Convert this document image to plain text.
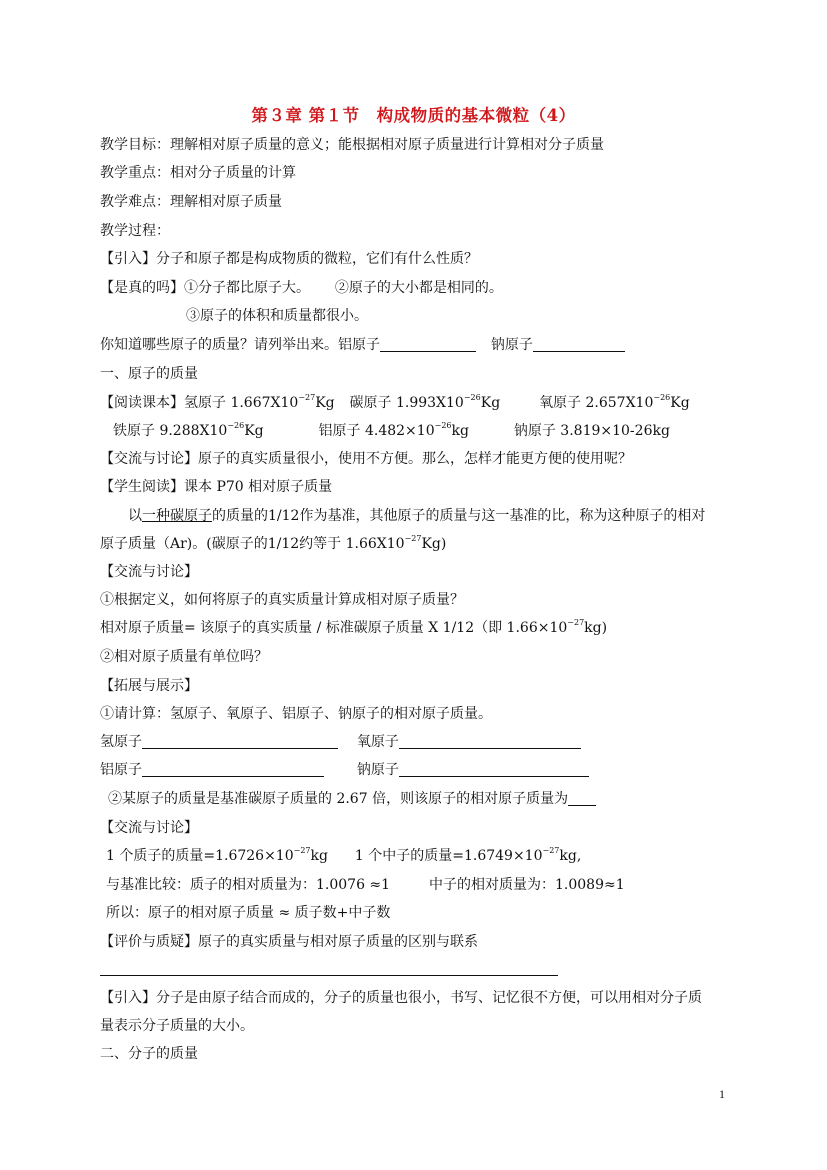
第３章 第１节　构成物质的基本微粒（4）
教学目标：理解相对原子质量的意义；能根据相对原子质量进行计算相对分子质量
教学重点：相对分子质量的计算
教学难点：理解相对原子质量
教学过程：
【引入】分子和原子都是构成物质的微粒，它们有什么性质？
【是真的吗】①分子都比原子大。 ②原子的大小都是相同的。
③原子的体积和质量都很小。
你知道哪些原子的质量？请列举出来。铝原子	钠原子
一、原子的质量
【阅读课本】氢原子 $1.667X10^{-27}Kg$ 碳原子 $1.993X10^{-26}Kg$	氧原子 $2.657X10^{-26}Kg$
铁原子 $9.288X10^{-26}Kg$	铝原子 $4.482\times 10^{-26}kg$	钠原子 3.819×10-26kg
【交流与讨论】原子的真实质量很小，使用不方便。那么，怎样才能更方便的使用呢？
【学生阅读】课本 P70 相对原子质量
以一种碳原子的质量的1/12作为基准，其他原子的质量与这一基准的比，称为这种原子的相对
原子质量（Ar)。(碳原子的1/12约等于 $1.66X10^{-27}Kg$)
【交流与讨论】
①根据定义，如何将原子的真实质量计算成相对原子质量？
相对原子质量= 该原子的真实质量 / 标准碳原子质量 X 1/12（即 $1.66\times 10^{-27}kg$)
②相对原子质量有单位吗？
【拓展与展示】
①请计算：氢原子、氧原子、铝原子、钠原子的相对原子质量。
氢原子	氧原子
铝原子	钠原子
②某原子的质量是基准碳原子质量的 2.67 倍，则该原子的相对原子质量为
【交流与讨论】
1 个质子的质量$=1.6726\times 10^{-27}kg$ 1 个中子的质量$=1.6749\times 10^{-27}kg$,
与基准比较：质子的相对质量为：1.0076 ≈1	中子的相对质量为：1.0089≈1
所以：原子的相对原子质量 ≈ 质子数+中子数
【评价与质疑】原子的真实质量与相对原子质量的区别与联系
【引入】分子是由原子结合而成的，分子的质量也很小，书写、记忆很不方便，可以用相对分子质
量表示分子质量的大小。
二、分子的质量
1
